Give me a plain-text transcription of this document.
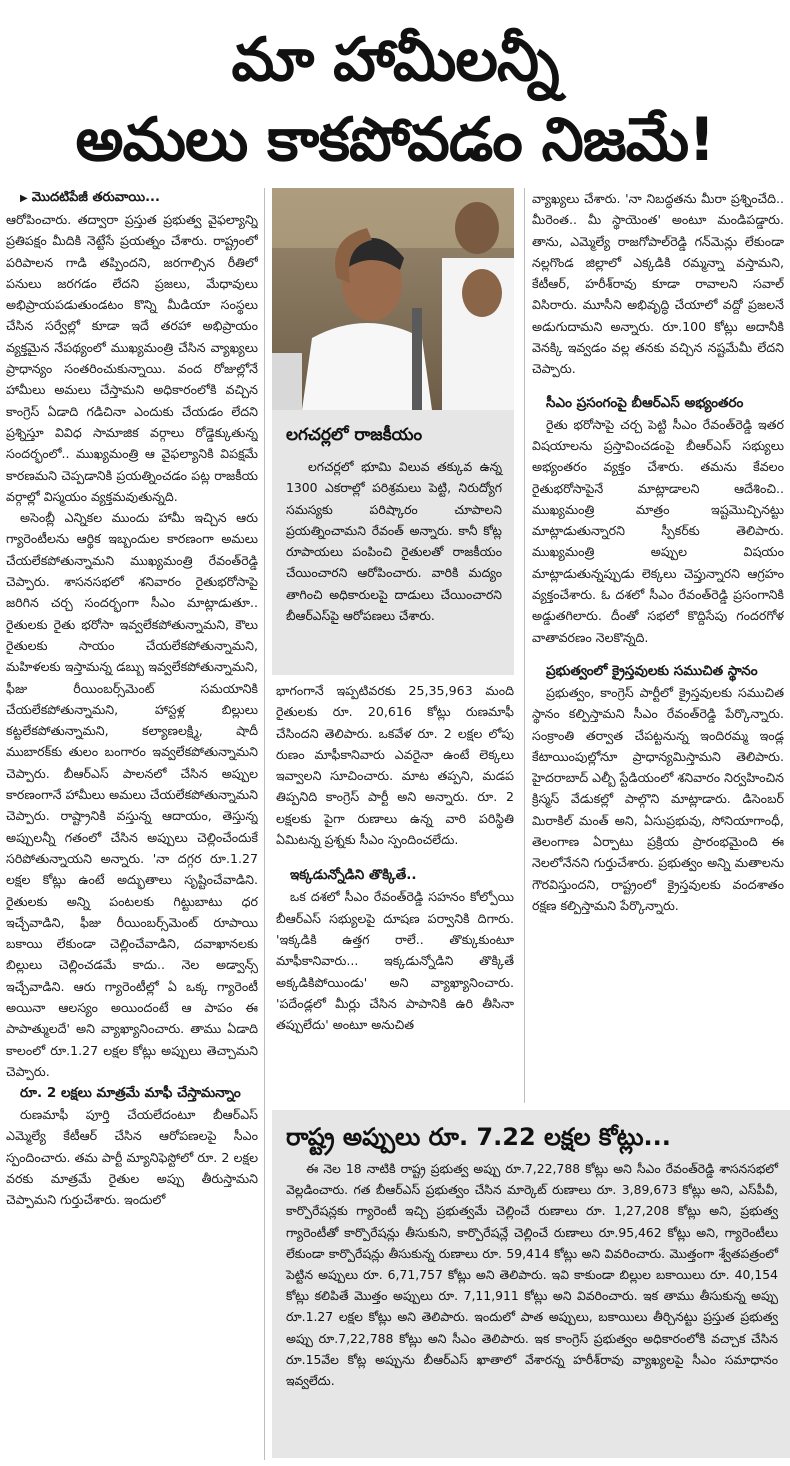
మా హామీలన్నీ
అమలు కాకపోవడం నిజమే!

▶ మొదటిపేజీ తరువాయి...

ఆరోపించారు. తద్వారా ప్రస్తుత ప్రభుత్వ వైఫల్యాన్ని ప్రతిపక్షం మీదికి నెట్టేసే ప్రయత్నం చేశారు. రాష్ట్రంలో పరిపాలన గాడి తప్పిందని, జరగాల్సిన రీతిలో పనులు జరగడం లేదని ప్రజలు, మేధావులు అభిప్రాయపడుతుండటం కొన్ని మీడియా సంస్థలు చేసిన సర్వేల్లో కూడా ఇదే తరహా అభిప్రాయం వ్యక్తమైన నేపథ్యంలో ముఖ్యమంత్రి చేసిన వ్యాఖ్యలు ప్రాధాన్యం సంతరించుకున్నాయి. వంద రోజుల్లోనే హామీలు అమలు చేస్తామని అధికారంలోకి వచ్చిన కాంగ్రెస్ ఏడాది గడిచినా ఎందుకు చేయడం లేదని ప్రశ్నిస్తూ వివిధ సామాజిక వర్గాలు రోడ్డెక్కుతున్న సందర్భంలో.. ముఖ్యమంత్రి ఆ వైఫల్యానికి విపక్షమే కారణమని చెప్పడానికి ప్రయత్నించడం పట్ల రాజకీయ వర్గాల్లో విస్మయం వ్యక్తమవుతున్నది.

అసెంబ్లీ ఎన్నికల ముందు హామీ ఇచ్చిన ఆరు గ్యారెంటీలను ఆర్థిక ఇబ్బందుల కారణంగా అమలు చేయలేకపోతున్నామని ముఖ్యమంత్రి రేవంత్‌రెడ్డి చెప్పారు. శాసనసభలో శనివారం రైతుభరోసాపై జరిగిన చర్చ సందర్భంగా సీఎం మాట్లాడుతూ.. రైతులకు రైతు భరోసా ఇవ్వలేకపోతున్నామని, కౌలు రైతులకు సాయం చేయలేకపోతున్నామని, మహిళలకు ఇస్తామన్న డబ్బు ఇవ్వలేకపోతున్నామని, ఫీజు రీయింబర్స్‌మెంట్ సమయానికి చేయలేకపోతున్నామని, హాస్టళ్ల బిల్లులు కట్టలేకపోతున్నామని, కల్యాణలక్ష్మి, షాదీ ముబారక్‌కు తులం బంగారం ఇవ్వలేకపోతున్నామని చెప్పారు. బీఆర్‌ఎస్ పాలనలో చేసిన అప్పుల కారణంగానే హామీలు అమలు చేయలేకపోతున్నామని చెప్పారు. రాష్ట్రానికి వస్తున్న ఆదాయం, తెస్తున్న అప్పులన్నీ గతంలో చేసిన అప్పులు చెల్లించేందుకే సరిపోతున్నాయని అన్నారు. 'నా దగ్గర రూ.1.27 లక్షల కోట్లు ఉంటే అద్భుతాలు సృష్టించేవాడిని. రైతులకు అన్ని పంటలకు గిట్టుబాటు ధర ఇచ్చేవాడిని, ఫీజు రీయింబర్స్‌మెంట్ రూపాయి బకాయి లేకుండా చెల్లించేవాడిని, దవాఖానలకు బిల్లులు చెల్లించడమే కాదు.. నెల అడ్వాన్స్ ఇచ్చేవాడిని. ఆరు గ్యారెంటీల్లో ఏ ఒక్క గ్యారెంటీ అయినా ఆలస్యం అయిందంటే ఆ పాపం ఈ పాపాత్ములదే' అని వ్యాఖ్యానించారు. తాము ఏడాది కాలంలో రూ.1.27 లక్షల కోట్లు అప్పులు తెచ్చామని చెప్పారు.

రూ. 2 లక్షలు మాత్రమే మాఫీ చేస్తామన్నాం

రుణమాఫీ పూర్తి చేయలేదంటూ బీఆర్‌ఎస్ ఎమ్మెల్యే కేటీఆర్ చేసిన ఆరోపణలపై సీఎం స్పందించారు. తమ పార్టీ మ్యానిఫెస్టోలో రూ. 2 లక్షల వరకు మాత్రమే రైతుల అప్పు తీరుస్తామని చెప్పామని గుర్తుచేశారు. ఇందులో

లగచర్లలో రాజకీయం

లగచర్లలో భూమి విలువ తక్కువ ఉన్న 1300 ఎకరాల్లో పరిశ్రమలు పెట్టి, నిరుద్యోగ సమస్యకు పరిష్కారం చూపాలని ప్రయత్నించామని రేవంత్ అన్నారు. కానీ కోట్ల రూపాయలు పంపించి రైతులతో రాజకీయం చేయించారని ఆరోపించారు. వారికి మద్యం తాగించి అధికారులపై దాడులు చేయించారని బీఆర్‌ఎస్‌పై ఆరోపణలు చేశారు.

భాగంగానే ఇప్పటివరకు 25,35,963 మంది రైతులకు రూ. 20,616 కోట్లు రుణమాఫీ చేసిందని తెలిపారు. ఒకవేళ రూ. 2 లక్షల లోపు రుణం మాఫీకానివారు ఎవరైనా ఉంటే లెక్కలు ఇవ్వాలని సూచించారు. మాట తప్పని, మడప తిప్పనిది కాంగ్రెస్ పార్టీ అని అన్నారు. రూ. 2 లక్షలకు పైగా రుణాలు ఉన్న వారి పరిస్థితి ఏమిటన్న ప్రశ్నకు సీఎం స్పందించలేదు.

ఇక్కడున్నోడిని తొక్కితే..

ఒక దశలో సీఎం రేవంత్‌రెడ్డి సహనం కోల్పోయి బీఆర్‌ఎస్ సభ్యులపై దూషణ పర్వానికి దిగారు. 'ఇక్కడికి ఉత్తగ రాలే.. తొక్కుకుంటూ మాఫీకానివారు... ఇక్కడున్నోడిని తొక్కితే అక్కడికిపోయిండు' అని వ్యాఖ్యానించారు. 'పదేండ్లలో మీర్లు చేసిన పాపానికి ఉరి తీసినా తప్పులేదు' అంటూ అనుచిత

వ్యాఖ్యలు చేశారు. 'నా నిబద్ధతను మీరా ప్రశ్నించేది.. మీరెంత.. మీ స్థాయెంత' అంటూ మండిపడ్డారు. తాను, ఎమ్మెల్యే రాజగోపాల్‌రెడ్డి గన్‌మెన్లు లేకుండా నల్లగొండ జిల్లాలో ఎక్కడికి రమ్మన్నా వస్తామని, కేటీఆర్, హరీశ్‌రావు కూడా రావాలని సవాల్ విసిరారు. మూసీని అభివృద్ధి చేయాలో వద్దో ప్రజలనే అడుగుదామని అన్నారు. రూ.100 కోట్లు అదానీకి వెనక్కి ఇవ్వడం వల్ల తనకు వచ్చిన నష్టమేమీ లేదని చెప్పారు.

సీఎం ప్రసంగంపై బీఆర్‌ఎస్ అభ్యంతరం

రైతు భరోసాపై చర్చ పెట్టి సీఎం రేవంత్‌రెడ్డి ఇతర విషయాలను ప్రస్తావించడంపై బీఆర్‌ఎస్ సభ్యులు అభ్యంతరం వ్యక్తం చేశారు. తమను కేవలం రైతుభరోసాపైనే మాట్లాడాలని ఆదేశించి.. ముఖ్యమంత్రి మాత్రం ఇష్టమొచ్చినట్టు మాట్లాడుతున్నారని స్పీకర్‌కు తెలిపారు. ముఖ్యమంత్రి అప్పుల విషయం మాట్లాడుతున్నప్పుడు లెక్కలు చెప్తున్నారని ఆగ్రహం వ్యక్తంచేశారు. ఓ దశలో సీఎం రేవంత్‌రెడ్డి ప్రసంగానికి అడ్డుతగిలారు. దీంతో సభలో కొద్దిసేపు గందరగోళ వాతావరణం నెలకొన్నది.

ప్రభుత్వంలో క్రైస్తవులకు సముచిత స్థానం

ప్రభుత్వం, కాంగ్రెస్ పార్టీలో క్రైస్తవులకు సముచిత స్థానం కల్పిస్తామని సీఎం రేవంత్‌రెడ్డి పేర్కొన్నారు. సంక్రాంతి తర్వాత చేపట్టనున్న ఇందిరమ్మ ఇండ్ల కేటాయింపుల్లోనూ ప్రాధాన్యమిస్తామని తెలిపారు. హైదరాబాద్ ఎల్బీ స్టేడియంలో శనివారం నిర్వహించిన క్రిస్మస్ వేడుకల్లో పాల్గొని మాట్లాడారు. డిసెంబర్ మిరాకిల్ మంత్ అని, ఏసుప్రభువు, సోనియాగాంధీ, తెలంగాణ ఏర్పాటు ప్రక్రియ ప్రారంభమైంది ఈ నెలలోనేనని గుర్తుచేశారు. ప్రభుత్వం అన్ని మతాలను గౌరవిస్తుందని, రాష్ట్రంలో క్రైస్తవులకు వందశాతం రక్షణ కల్పిస్తామని పేర్కొన్నారు.

రాష్ట్ర అప్పులు రూ. 7.22 లక్షల కోట్లు...

ఈ నెల 18 నాటికి రాష్ట్ర ప్రభుత్వ అప్పు రూ.7,22,788 కోట్లు అని సీఎం రేవంత్‌రెడ్డి శాసనసభలో వెల్లడించారు. గత బీఆర్‌ఎస్ ప్రభుత్వం చేసిన మార్కెట్ రుణాలు రూ. 3,89,673 కోట్లు అని, ఎస్‌పీవీ, కార్పొరేషన్లకు గ్యారెంటీ ఇచ్చి ప్రభుత్వమే చెల్లించే రుణాలు రూ. 1,27,208 కోట్లు అని, ప్రభుత్వ గ్యారెంటీతో కార్పొరేషన్లు తీసుకుని, కార్పొరేషన్లే చెల్లించే రుణాలు రూ.95,462 కోట్లు అని, గ్యారెంటీలు లేకుండా కార్పొరేషన్లు తీసుకున్న రుణాలు రూ. 59,414 కోట్లు అని వివరించారు. మొత్తంగా శ్వేతపత్రంలో పెట్టిన అప్పులు రూ. 6,71,757 కోట్లు అని తెలిపారు. ఇవి కాకుండా బిల్లుల బకాయిలు రూ. 40,154 కోట్లు కలిపితే మొత్తం అప్పులు రూ. 7,11,911 కోట్లు అని వివరించారు. ఇక తాము తీసుకున్న అప్పు రూ.1.27 లక్షల కోట్లు అని తెలిపారు. ఇందులో పాత అప్పులు, బకాయిలు తీర్చినట్టు ప్రస్తుత ప్రభుత్వ అప్పు రూ.7,22,788 కోట్లు అని సీఎం తెలిపారు. ఇక కాంగ్రెస్ ప్రభుత్వం అధికారంలోకి వచ్చాక చేసిన రూ.15వేల కోట్ల అప్పును బీఆర్‌ఎస్ ఖాతాలో వేశారన్న హరీశ్‌రావు వ్యాఖ్యలపై సీఎం సమాధానం ఇవ్వలేదు.
